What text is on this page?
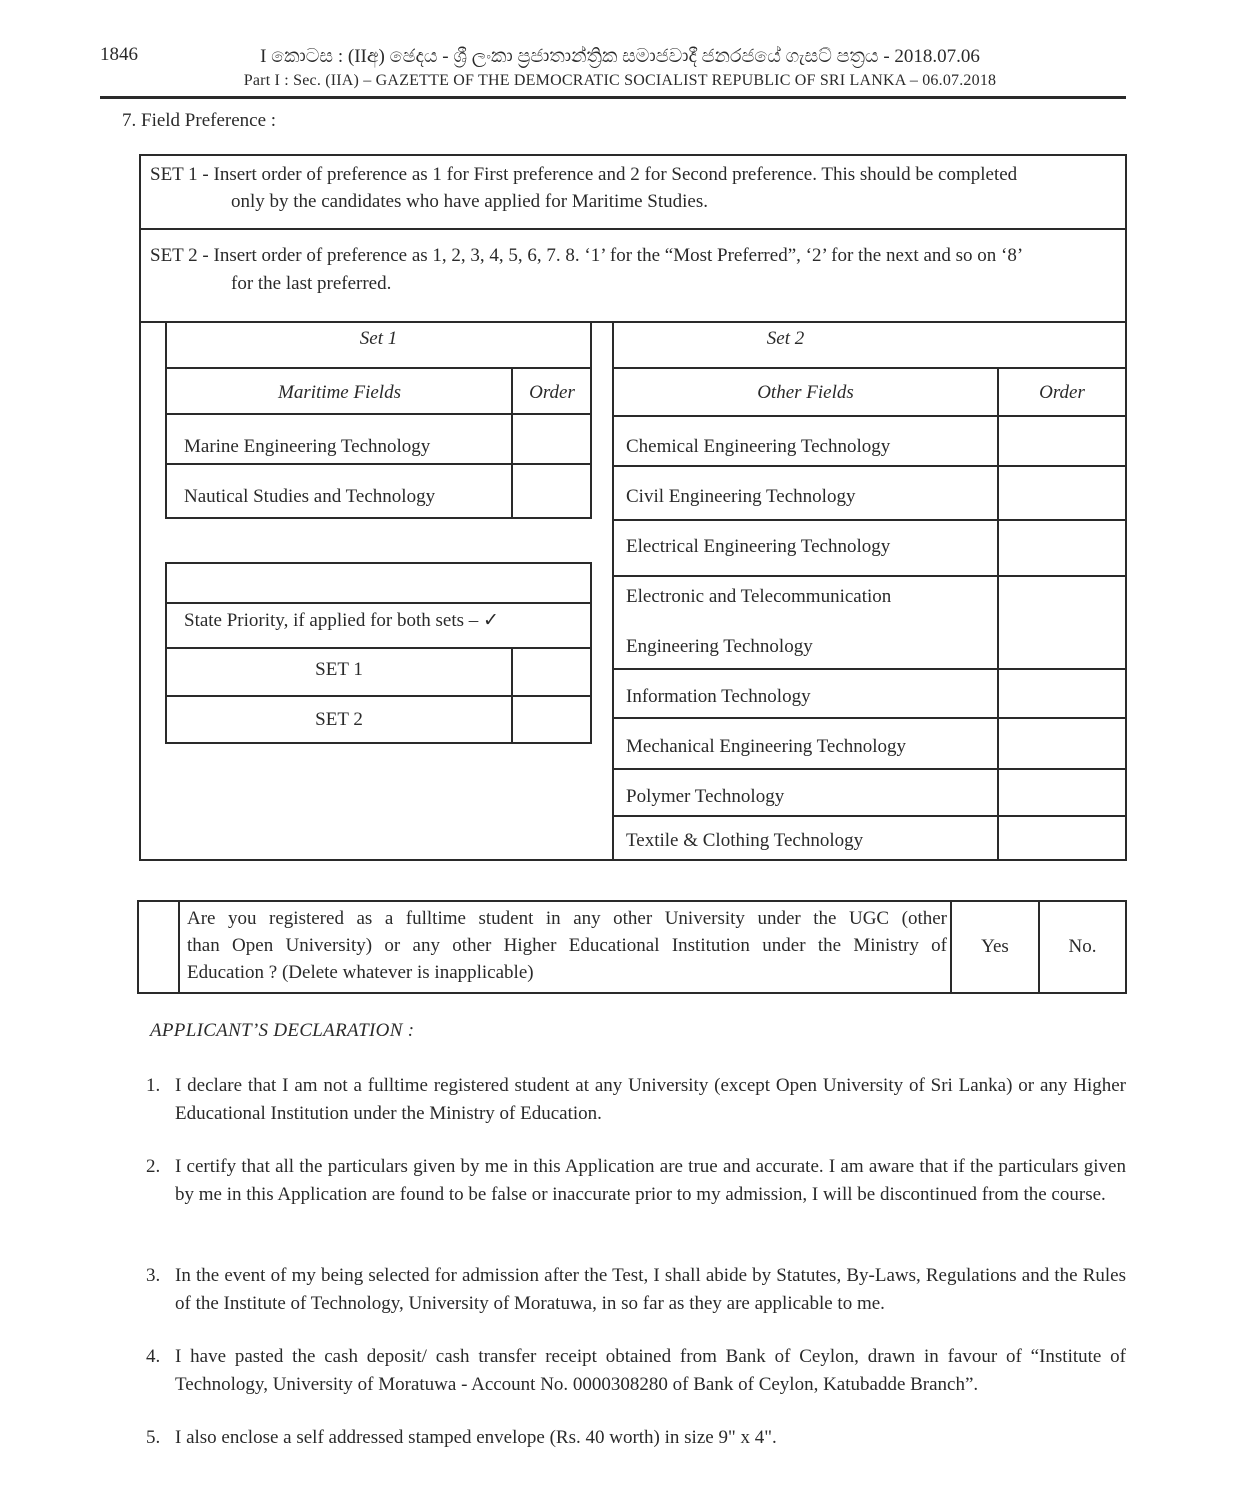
1846	I කොටස : (IIඅ) ඡෙදය - ශ්‍රී ලංකා ප්‍රජාතාන්ත්‍රික සමාජවාදී ජනරජයේ ගැසට් පත්‍රය - 2018.07.06
Part I : Sec. (IIA) – GAZETTE OF THE DEMOCRATIC SOCIALIST REPUBLIC OF SRI LANKA – 06.07.2018
7. Field Preference :
SET 1 - Insert order of preference as 1 for First preference and 2 for Second preference. This should be completed
only by the candidates who have applied for Maritime Studies.
SET 2 - Insert order of preference as 1, 2, 3, 4, 5, 6, 7. 8. ‘1’ for the “Most Preferred”, ‘2’ for the next and so on ‘8’
for the last preferred.
Set 1
Maritime Fields	Order
Marine Engineering Technology
Nautical Studies and Technology
State Priority, if applied for both sets – ✓
SET 1
SET 2
Set 2
Other Fields	Order
Chemical Engineering Technology
Civil Engineering Technology
Electrical Engineering Technology
Electronic and Telecommunication
Engineering Technology
Information Technology
Mechanical Engineering Technology
Polymer Technology
Textile & Clothing Technology
Are you registered as a fulltime student in any other University under the UGC (other
than Open University) or any other Higher Educational Institution under the Ministry of
Education ? (Delete whatever is inapplicable)
Yes	No.
APPLICANT’S DECLARATION :
1. I declare that I am not a fulltime registered student at any University (except Open University of Sri Lanka) or any Higher Educational Institution under the Ministry of Education.
2. I certify that all the particulars given by me in this Application are true and accurate. I am aware that if the particulars given by me in this Application are found to be false or inaccurate prior to my admission, I will be discontinued from the course.
3. In the event of my being selected for admission after the Test, I shall abide by Statutes, By-Laws, Regulations and the Rules of the Institute of Technology, University of Moratuwa, in so far as they are applicable to me.
4. I have pasted the cash deposit/ cash transfer receipt obtained from Bank of Ceylon, drawn in favour of “Institute of Technology, University of Moratuwa - Account No. 0000308280 of Bank of Ceylon, Katubadde Branch”.
5. I also enclose a self addressed stamped envelope (Rs. 40 worth) in size 9" x 4".
